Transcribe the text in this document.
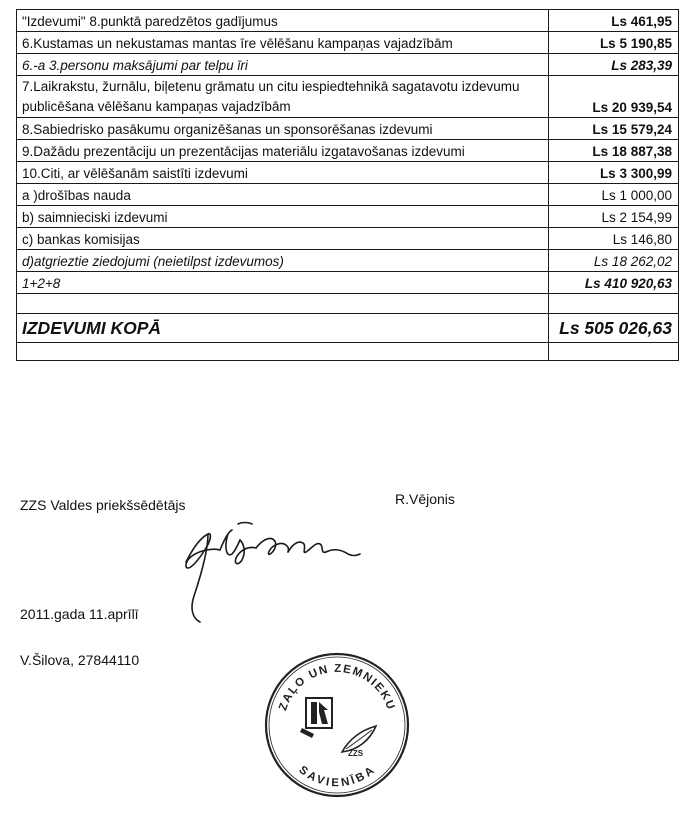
"Izdevumi" 8.punktā paredzētos gadījumus	Ls 461,95
6.Kustamas un nekustamas mantas īre vēlēšanu kampaņas vajadzībām	Ls 5 190,85
6.-a 3.personu maksājumi par telpu īri	Ls 283,39
7.Laikrakstu, žurnālu, biļetenu grāmatu un citu iespiedtehnikā sagatavotu izdevumu publicēšana vēlēšanu kampaņas vajadzībām	Ls 20 939,54
8.Sabiedrisko pasākumu organizēšanas un sponsorēšanas izdevumi	Ls 15 579,24
9.Dažādu prezentāciju un prezentācijas materiālu izgatavošanas izdevumi	Ls 18 887,38
10.Citi, ar vēlēšanām saistīti izdevumi	Ls 3 300,99
a )drošības nauda	Ls 1 000,00
b) saimnieciski izdevumi	Ls 2 154,99
c) bankas komisijas	Ls 146,80
d)atgrieztie ziedojumi (neietilpst izdevumos)	Ls 18 262,02
1+2+8	Ls 410 920,63

IZDEVUMI KOPĀ	Ls 505 026,63

ZZS Valdes priekšsēdētājs	R.Vējonis
2011.gada 11.aprīlī
V.Šilova, 27844110
ZAĻO UN ZEMNIEKU
SAVIENĪBA
ZZS
